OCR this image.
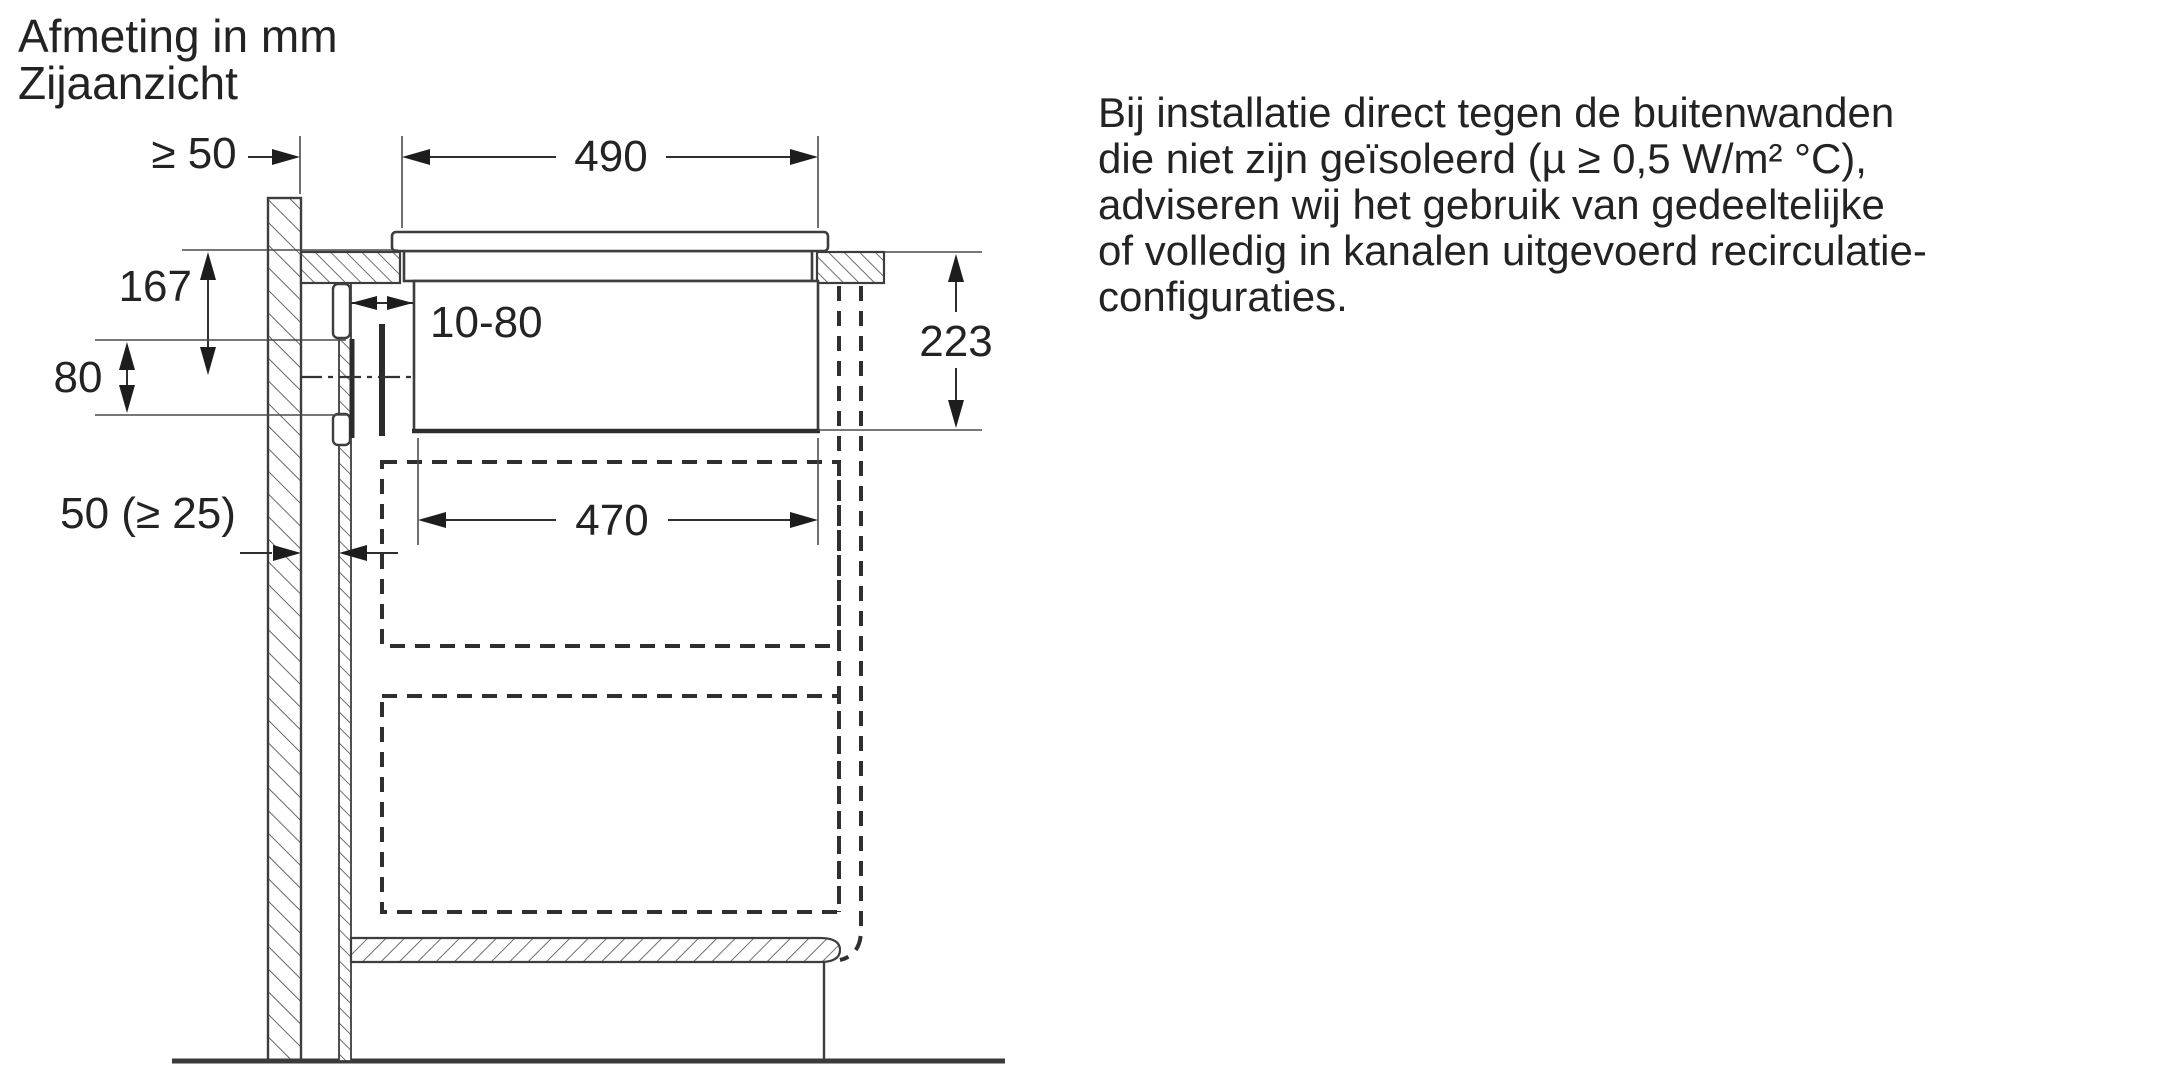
≥ 50	490
167
80
10-80	223
470
50 (≥ 25)
Afmeting in mm
Zijaanzicht
Bij installatie direct tegen de buitenwanden
die niet zijn geïsoleerd (µ ≥ 0,5 W/m² °C),
adviseren wij het gebruik van gedeeltelijke
of volledig in kanalen uitgevoerd recirculatie-
configuraties.
